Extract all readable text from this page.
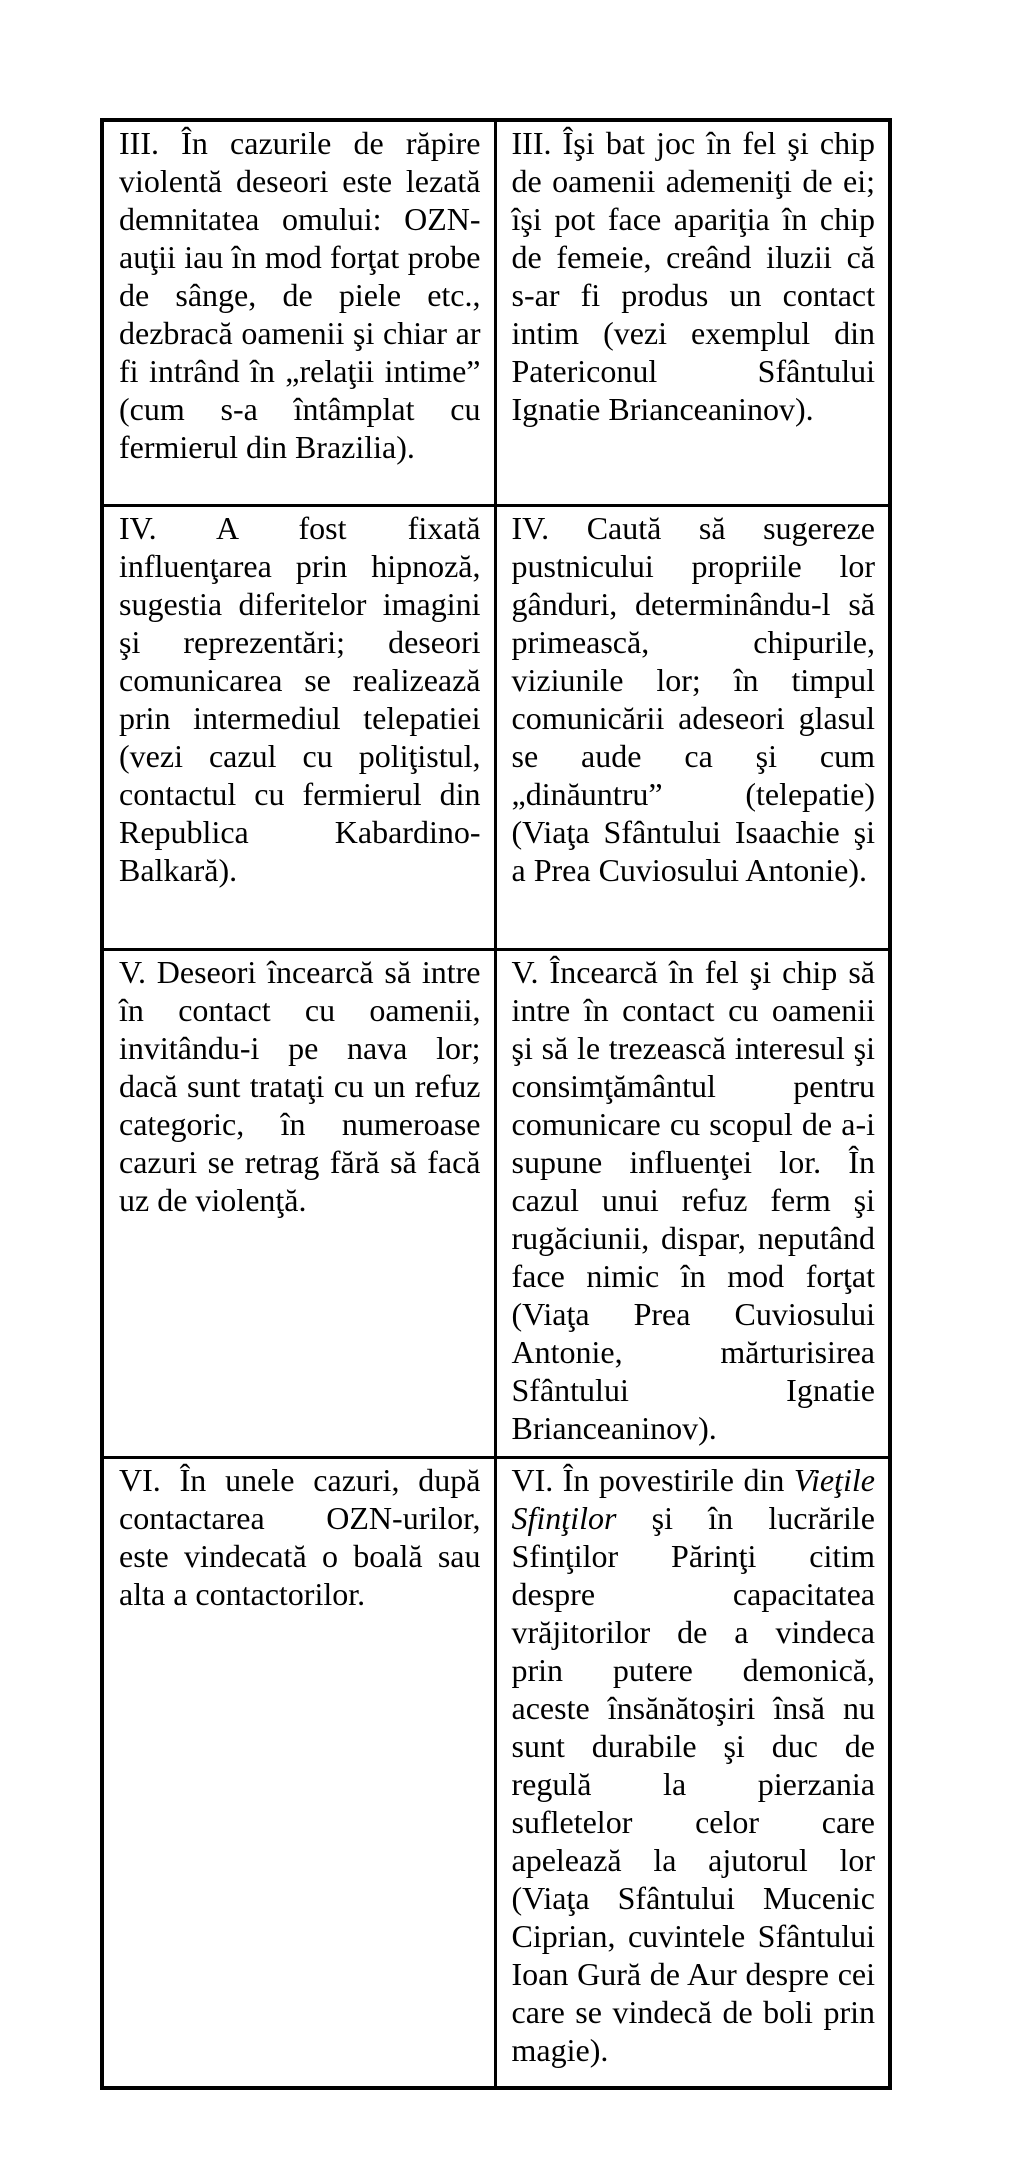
III. În cazurile de răpire violentă deseori este lezată demnitatea omului: OZN-auţii iau în mod forţat probe de sânge, de piele etc., dezbracă oamenii şi chiar ar fi intrând în „relaţii intime” (cum s-a întâmplat cu fermierul din Brazilia).	III. Îşi bat joc în fel şi chip de oamenii ademeniţi de ei; îşi pot face apariţia în chip de femeie, creând iluzii că s-ar fi produs un contact intim (vezi exemplul din Patericonul Sfântului Ignatie Brianceaninov).
IV. A fost fixată influenţarea prin hipnoză, sugestia diferitelor imagini şi reprezentări; deseori comunicarea se realizează prin intermediul telepatiei (vezi cazul cu poliţistul, contactul cu fermierul din Republica Kabardino-Balkară).	IV. Caută să sugereze pustnicului propriile lor gânduri, determinându-l să primească, chipurile, viziunile lor; în timpul comunicării adeseori glasul se aude ca şi cum „dinăuntru” (telepatie) (Viaţa Sfântului Isaachie şi a Prea Cuviosului Antonie).
V. Deseori încearcă să intre în contact cu oamenii, invitându-i pe nava lor; dacă sunt trataţi cu un refuz categoric, în numeroase cazuri se retrag fără să facă uz de violenţă.	V. Încearcă în fel şi chip să intre în contact cu oamenii şi să le trezească interesul şi consimţământul pentru comunicare cu scopul de a-i supune influenţei lor. În cazul unui refuz ferm şi rugăciunii, dispar, neputând face nimic în mod forţat (Viaţa Prea Cuviosului Antonie, mărturisirea Sfântului Ignatie Brianceaninov).
VI. În unele cazuri, după contactarea OZN-urilor, este vindecată o boală sau alta a contactorilor.	VI. În povestirile din Vieţile Sfinţilor şi în lucrările Sfinţilor Părinţi citim despre capacitatea vrăjitorilor de a vindeca prin putere demonică, aceste însănătoşiri însă nu sunt durabile şi duc de regulă la pierzania sufletelor celor care apelează la ajutorul lor (Viaţa Sfântului Mucenic Ciprian, cuvintele Sfântului Ioan Gură de Aur despre cei care se vindecă de boli prin magie).
